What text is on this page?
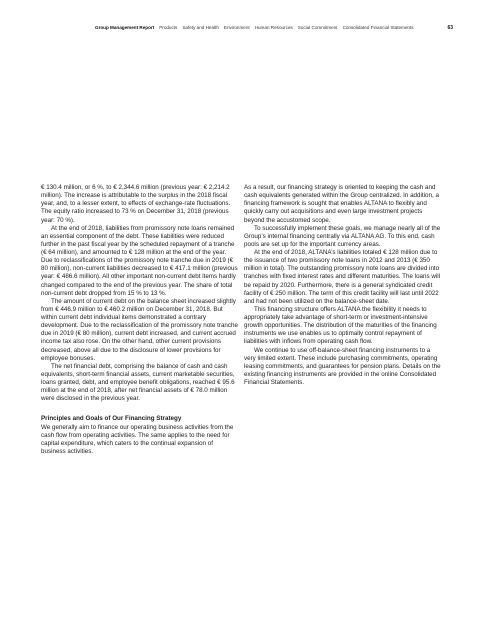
Group Management Report Products Safety and Health Environment Human Resources Social Commitment Consolidated Financial Statements	63

€ 130.4 million, or 6 %, to € 2,344.6 million (previous year: € 2,214.2 million). The increase is attributable to the surplus in the 2018 fiscal year, and, to a lesser extent, to effects of exchange-rate fluctuations. The equity ratio increased to 73 % on December 31, 2018 (previous year: 70 %).

At the end of 2018, liabilities from promissory note loans remained an essential component of the debt. These liabilities were reduced further in the past fiscal year by the scheduled repayment of a tranche (€ 64 million), and amounted to € 128 million at the end of the year. Due to reclassifications of the promissory note tranche due in 2019 (€ 80 million), non-current liabilities decreased to € 417.1 million (previous year: € 486.6 million). All other important non-current debt items hardly changed compared to the end of the previous year. The share of total non-current debt dropped from 15 % to 13 %.

The amount of current debt on the balance sheet increased slightly from € 446.9 million to € 460.2 million on December 31, 2018. But within current debt individual items demonstrated a contrary development. Due to the reclassification of the promissory note tranche due in 2019 (€ 80 million), current debt increased, and current accrued income tax also rose. On the other hand, other current provisions decreased, above all due to the disclosure of lower provisions for employee bonuses.

The net financial debt, comprising the balance of cash and cash equivalents, short-term financial assets, current marketable securities, loans granted, debt, and employee benefit obligations, reached € 95.6 million at the end of 2018, after net financial assets of € 78.0 million were disclosed in the previous year.

Principles and Goals of Our Financing Strategy

We generally aim to finance our operating business activities from the cash flow from operating activities. The same applies to the need for capital expenditure, which caters to the continual expansion of business activities.

As a result, our financing strategy is oriented to keeping the cash and cash equivalents generated within the Group centralized. In addition, a financing framework is sought that enables ALTANA to flexibly and quickly carry out acquisitions and even large investment projects beyond the accustomed scope.

To successfully implement these goals, we manage nearly all of the Group’s internal financing centrally via ALTANA AG. To this end, cash pools are set up for the important currency areas.

At the end of 2018, ALTANA’s liabilities totaled € 128 million due to the issuance of two promissory note loans in 2012 and 2013 (€ 350 million in total). The outstanding promissory note loans are divided into tranches with fixed interest rates and different maturities. The loans will be repaid by 2020. Furthermore, there is a general syndicated credit facility of € 250 million. The term of this credit facility will last until 2022 and had not been utilized on the balance-sheet date.

This financing structure offers ALTANA the flexibility it needs to appropriately take advantage of short-term or investment-intensive growth opportunities. The distribution of the maturities of the financing instruments we use enables us to optimally control repayment of liabilities with inflows from operating cash flow.

We continue to use off-balance-sheet financing instruments to a very limited extent. These include purchasing commitments, operating leasing commitments, and guarantees for pension plans. Details on the existing financing instruments are provided in the online Consolidated Financial Statements.
